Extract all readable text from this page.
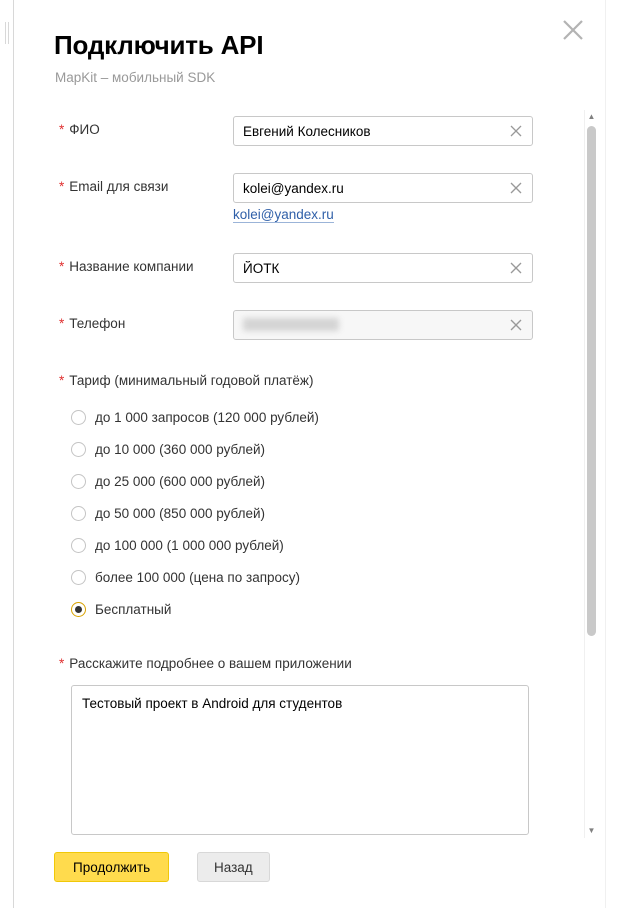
Подключить API
MapKit – мобильный SDK
▲
▼
* ФИО
Евгений Колесников
* Email для связи
kolei@yandex.ru
kolei@yandex.ru
* Название компании
ЙОТК
* Телефон
* Тариф (минимальный годовой платёж)
до 1 000 запросов (120 000 рублей)
до 10 000 (360 000 рублей)
до 25 000 (600 000 рублей)
до 50 000 (850 000 рублей)
до 100 000 (1 000 000 рублей)
более 100 000 (цена по запросу)
Бесплатный
* Расскажите подробнее о вашем приложении
Тестовый проект в Android для студентов
Продолжить	Назад
